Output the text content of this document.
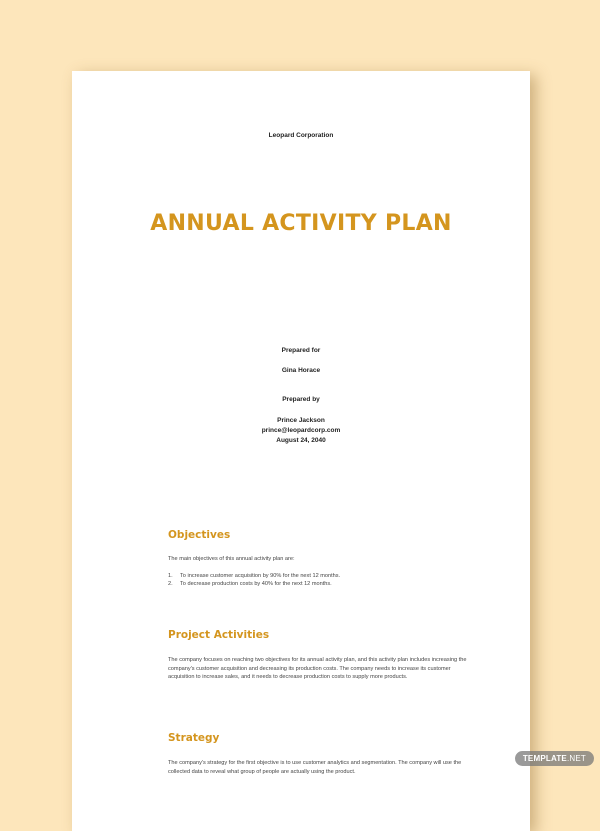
Leopard Corporation
ANNUAL ACTIVITY PLAN
Prepared for
Gina Horace
Prepared by
Prince Jackson
prince@leopardcorp.com
August 24, 2040
Objectives

The main objectives of this annual activity plan are:

1.	To increase customer acquisition by 90% for the next 12 months.
2.	To decrease production costs by 40% for the next 12 months.
Project Activities

The company focuses on reaching two objectives for its annual activity plan, and this activity plan includes increasing the company's customer acquisition and decreasing its production costs. The company needs to increase its customer acquisition to increase sales, and it needs to decrease production costs to supply more products.

Strategy

The company's strategy for the first objective is to use customer analytics and segmentation. The company will use the collected data to reveal what group of people are actually using the product.

TEMPLATE.NET
